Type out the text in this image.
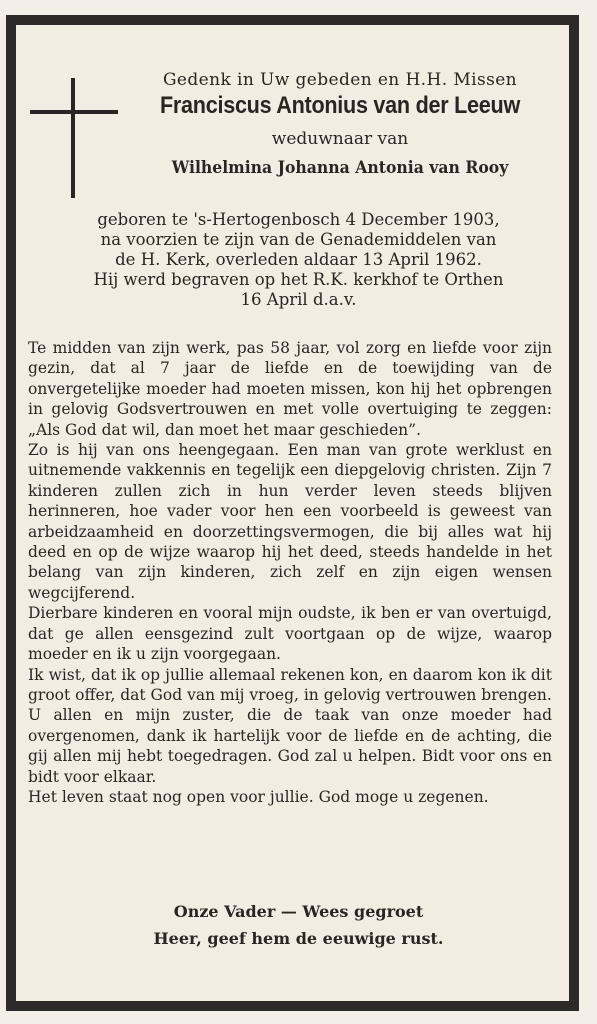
Gedenk in Uw gebeden en H.H. Missen
Franciscus Antonius van der Leeuw
weduwnaar van
Wilhelmina Johanna Antonia van Rooy
geboren te 's-Hertogenbosch 4 December 1903,
na voorzien te zijn van de Genademiddelen van
de H. Kerk, overleden aldaar 13 April 1962.
Hij werd begraven op het R.K. kerkhof te Orthen
16 April d.a.v.

Te midden van zijn werk, pas 58 jaar, vol zorg en liefde voor zijn gezin, dat al 7 jaar de liefde en de toewijding van de onvergetelijke moeder had moeten missen, kon hij het opbrengen in gelovig Godsvertrouwen en met volle overtuiging te zeggen: „Als God dat wil, dan moet het maar geschieden”.

Zo is hij van ons heengegaan. Een man van grote werklust en uitnemende vakkennis en tegelijk een diepgelovig christen. Zijn 7 kinderen zullen zich in hun verder leven steeds blijven herinneren, hoe vader voor hen een voorbeeld is geweest van arbeidzaamheid en doorzettingsvermogen, die bij alles wat hij deed en op de wijze waarop hij het deed, steeds handelde in het belang van zijn kinderen, zich zelf en zijn eigen wensen wegcijferend.

Dierbare kinderen en vooral mijn oudste, ik ben er van overtuigd, dat ge allen eensgezind zult voortgaan op de wijze, waarop moeder en ik u zijn voorgegaan.

Ik wist, dat ik op jullie allemaal rekenen kon, en daarom kon ik dit groot offer, dat God van mij vroeg, in gelovig vertrouwen brengen.

U allen en mijn zuster, die de taak van onze moeder had overgenomen, dank ik hartelijk voor de liefde en de achting, die gij allen mij hebt toegedragen. God zal u helpen. Bidt voor ons en bidt voor elkaar.

Het leven staat nog open voor jullie. God moge u zegenen.

Onze Vader — Wees gegroet
Heer, geef hem de eeuwige rust.
